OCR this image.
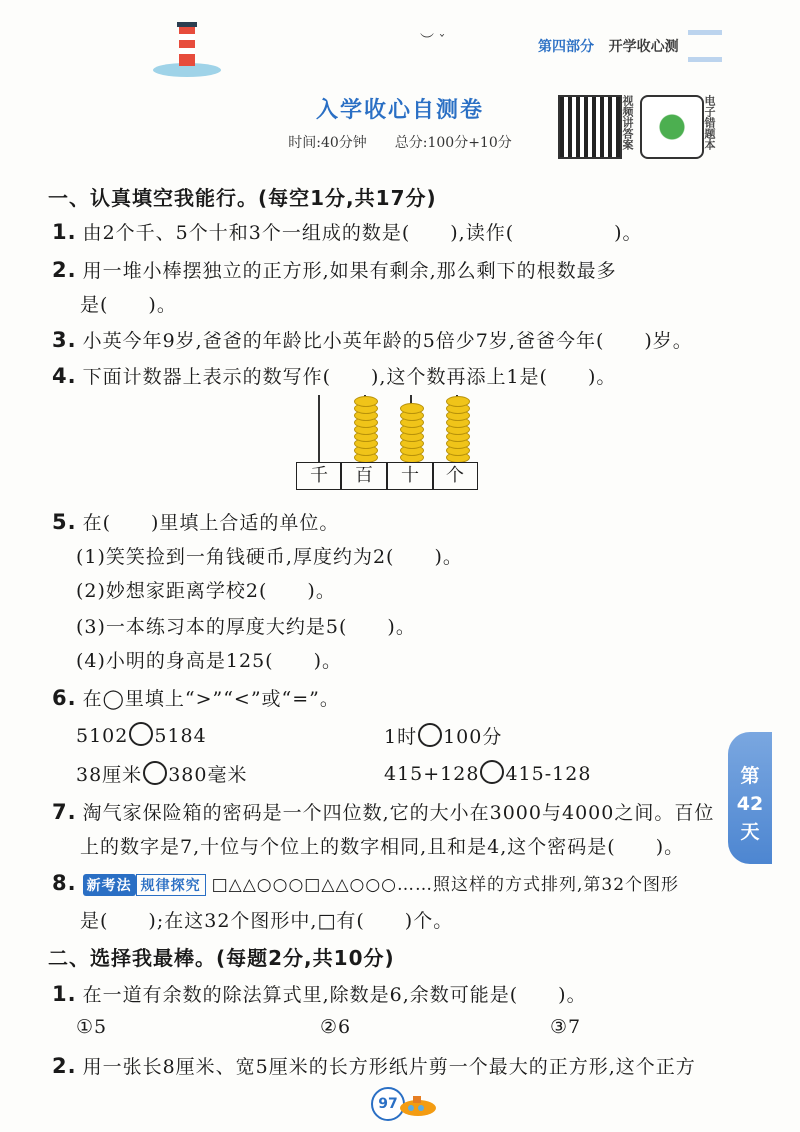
︶ ˇ	第四部分 开学收心测
入学收心自测卷
时间:40分钟　　总分:100分+10分	视频讲答案	电子错题本
一、认真填空我能行。(每空1分,共17分)
1. 由2个千、5个十和3个一组成的数是(　　),读作(　　　　　)。
2. 用一堆小棒摆独立的正方形,如果有剩余,那么剩下的根数最多
是(　　)。
3. 小英今年9岁,爸爸的年龄比小英年龄的5倍少7岁,爸爸今年(　　)岁。
4. 下面计数器上表示的数写作(　　),这个数再添上1是(　　)。
千	百	十	个
5. 在(　　)里填上合适的单位。
(1)笑笑捡到一角钱硬币,厚度约为2(　　)。
(2)妙想家距离学校2(　　)。
(3)一本练习本的厚度大约是5(　　)。
(4)小明的身高是125(　　)。
6. 在◯里填上“>”“<”或“=”。
5102 5184	1时 100分
38厘米 380毫米	415+128 415-128
7. 淘气家保险箱的密码是一个四位数,它的大小在3000与4000之间。百位
上的数字是7,十位与个位上的数字相同,且和是4,这个密码是(　　)。
8. 新考法 规律探究 □△△○○○□△△○○○……照这样的方式排列,第32个图形
是(　　);在这32个图形中,□有(　　)个。
二、选择我最棒。(每题2分,共10分)
1. 在一道有余数的除法算式里,除数是6,余数可能是(　　)。
①5	②6	③7
2. 用一张长8厘米、宽5厘米的长方形纸片剪一个最大的正方形,这个正方
第
42
天
97
